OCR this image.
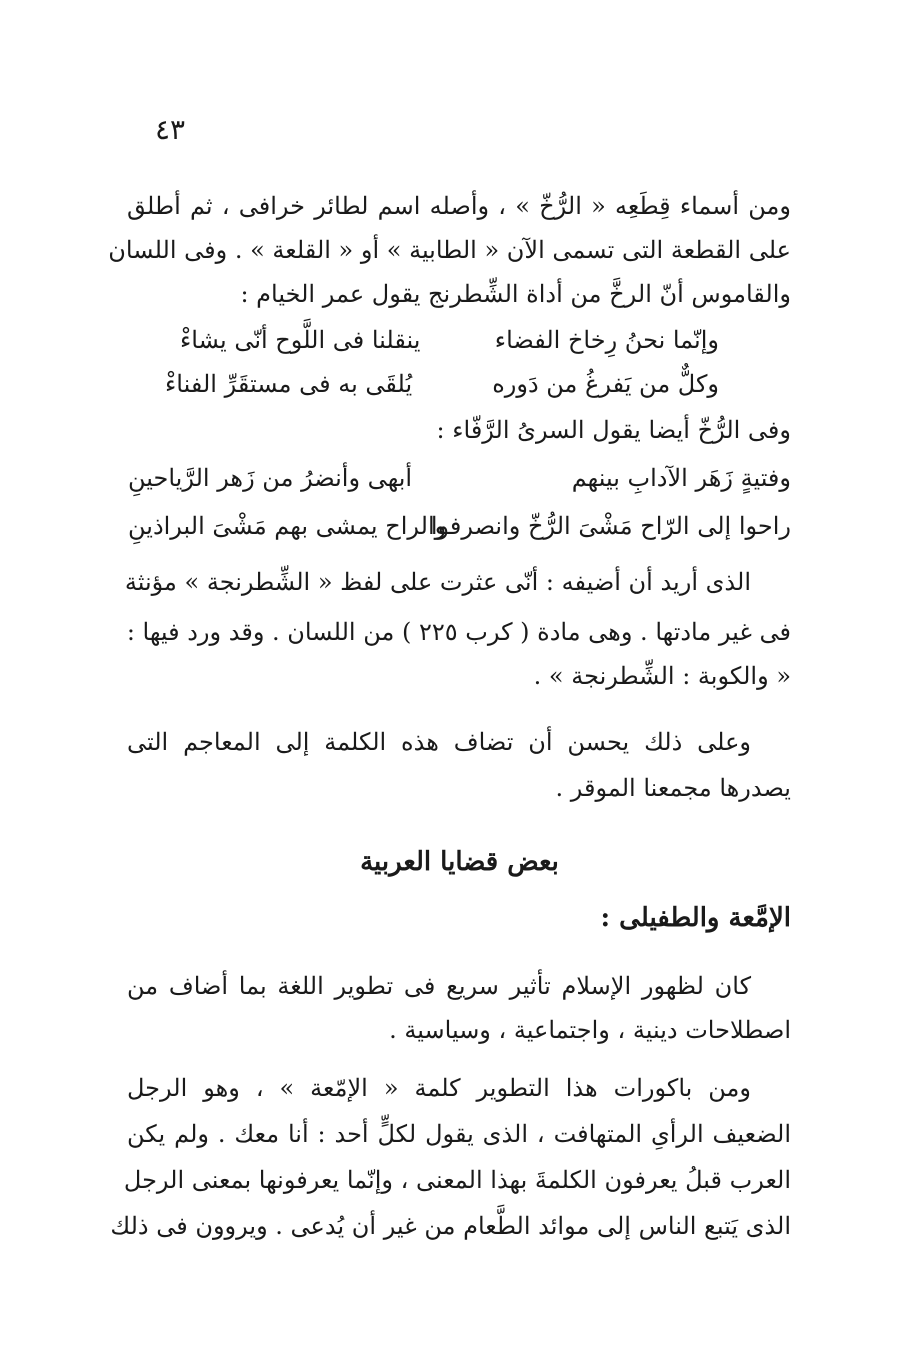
٤٣
ومن أسماء قِطَعِه « الرُّخّ » ، وأصله اسم لطائر خرافى ، ثم أطلق
على القطعة التى تسمى الآن « الطابية » أو « القلعة » . وفى اللسان
والقاموس أنّ الرخَّ من أداة الشِّطرنج يقول عمر الخيام :
وإنّما نحنُ رِخاخ الفضاء
ينقلنا فى اللَّوح أنّى يشاءْ
وكلٌّ من يَفرغُ من دَوره
يُلقَى به فى مستقَرِّ الفناءْ
وفى الرُّخّ أيضا يقول السرىُ الرَّفّاء :
وفتيةٍ زَهَر الآدابِ بينهم
أبهى وأنضرُ من زَهر الرَّياحينِ
راحوا إلى الرّاح مَشْىَ الرُّخّ وانصرفوا
والراح يمشى بهم مَشْىَ البراذينِ
الذى أريد أن أضيفه : أنّى عثرت على لفظ « الشِّطرنجة » مؤنثة
فى غير مادتها . وهى مادة ( كرب ٢٢٥ ) من اللسان . وقد ورد فيها :
« والكوبة : الشِّطرنجة » .
وعلى ذلك يحسن أن تضاف هذه الكلمة إلى المعاجم التى
يصدرها مجمعنا الموقر .
بعض قضايا العربية
الإمَّعة والطفيلى :
كان لظهور الإسلام تأثير سريع فى تطوير اللغة بما أضاف من
اصطلاحات دينية ، واجتماعية ، وسياسية .
ومن باكورات هذا التطوير كلمة « الإمّعة » ، وهو الرجل
الضعيف الرأىِ المتهافت ، الذى يقول لكلٍّ أحد : أنا معك . ولم يكن
العرب قبلُ يعرفون الكلمةَ بهذا المعنى ، وإنّما يعرفونها بمعنى الرجل
الذى يَتبع الناس إلى موائد الطَّعام من غير أن يُدعى . ويروون فى ذلك
